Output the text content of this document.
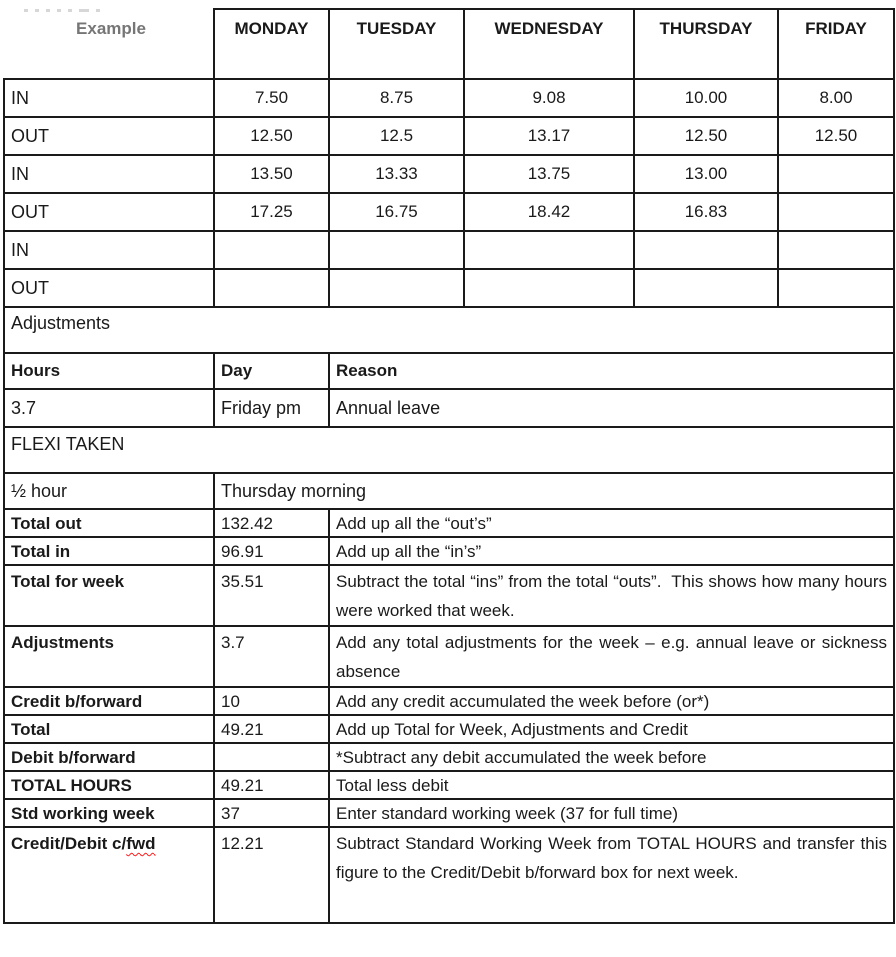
Example	MONDAY	TUESDAY	WEDNESDAY	THURSDAY	FRIDAY
IN	7.50	8.75	9.08	10.00	8.00
OUT	12.50	12.5	13.17	12.50	12.50
IN	13.50	13.33	13.75	13.00	
OUT	17.25	16.75	18.42	16.83	
IN					
OUT					
Adjustments					
Hours	Day	Reason			
3.7	Friday pm	Annual leave			
FLEXI TAKEN					
½ hour	Thursday morning				
Total out	132.42	Add up all the “out’s”			
Total in	96.91	Add up all the “in’s”			
Total for week	35.51	Subtract the total “ins” from the total “outs”.  This shows how many hours were worked that week.			
Adjustments	3.7	Add any total adjustments for the week – e.g. annual leave or sickness absence			
Credit b/forward	10	Add any credit accumulated the week before (or*)			
Total	49.21	Add up Total for Week, Adjustments and Credit			
Debit b/forward		*Subtract any debit accumulated the week before			
TOTAL HOURS	49.21	Total less debit			
Std working week	37	Enter standard working week (37 for full time)			
Credit/Debit c/fwd	12.21	Subtract Standard Working Week from TOTAL HOURS and transfer this figure to the Credit/Debit b/forward box for next week.			
